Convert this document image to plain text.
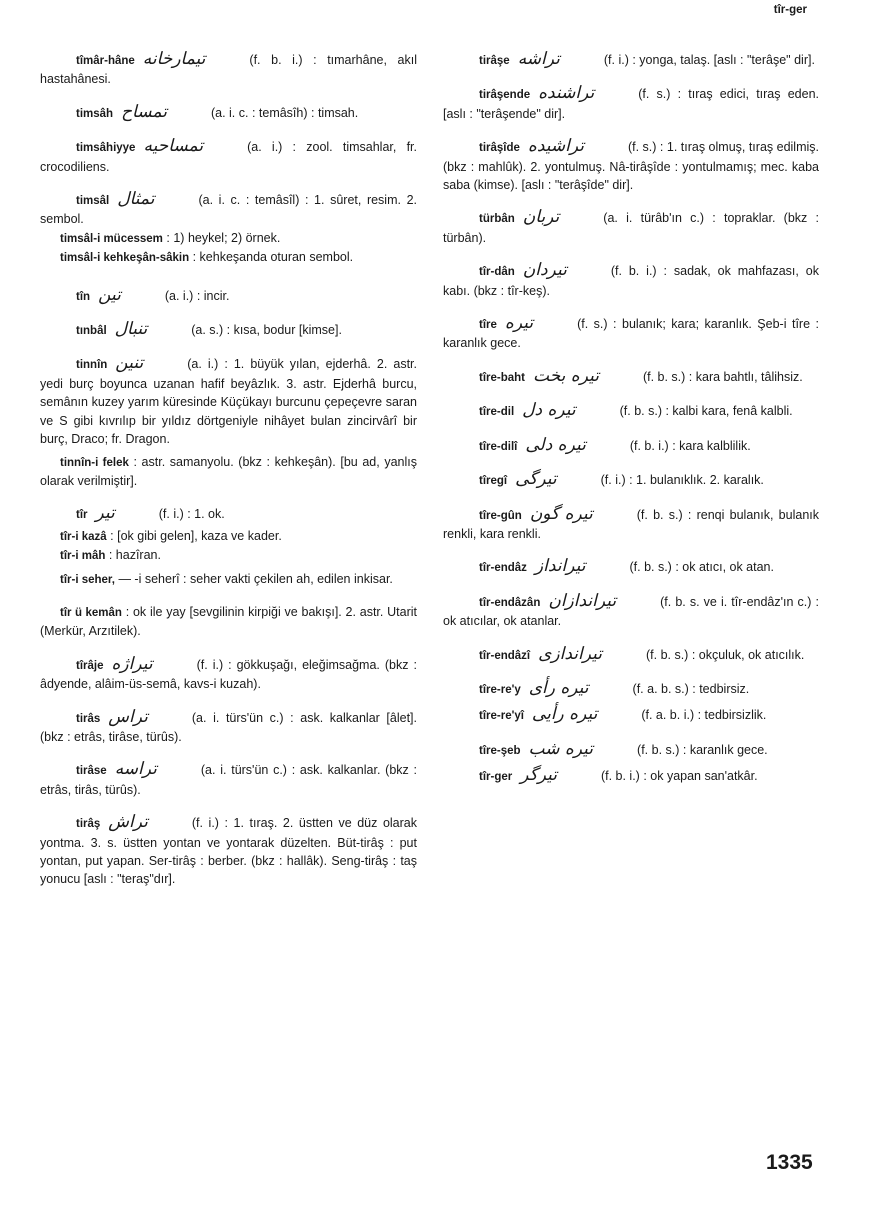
tîr-ger
tîmâr-hâne تيمارخانه	(f. b. i.) : tımarhâne, akıl hastahânesi.
timsâh تمساح	(a. i. c. : temâsîh) : timsah.
timsâhiyye تمساحيه	(a. i.) : zool. timsahlar, fr. crocodiliens.
timsâl تمثال	(a. i. c. : temâsîl) : 1. sûret, resim. 2. sembol.
timsâl-i mücessem : 1) heykel; 2) örnek.
timsâl-i kehkeşân-sâkin : kehkeşanda oturan sembol.
tîn تين	(a. i.) : incir.
tınbâl تنبال	(a. s.) : kısa, bodur [kimse].
tinnîn تنين	(a. i.) : 1. büyük yılan, ejderhâ. 2. astr. yedi burç boyunca uzanan hafif beyâzlık. 3. astr. Ejderhâ burcu, semânın kuzey yarım küresinde Küçükayı burcunu çepeçevre saran ve S gibi kıvrılıp bir yıldız dörtgeniyle nihâyet bulan zincirvârî bir burç, Draco; fr. Dragon.
tinnîn-i felek : astr. samanyolu. (bkz : kehkeşân). [bu ad, yanlış olarak verilmiştir].
tîr تير	(f. i.) : 1. ok.
tîr-i kazâ : [ok gibi gelen], kaza ve kader.
tîr-i mâh : hazîran.
tîr-i seher, — -i seherî : seher vakti çekilen ah, edilen inkisar.
tîr ü kemân : ok ile yay [sevgilinin kirpiği ve bakışı]. 2. astr. Utarit (Merkür, Arzıtilek).
tîrâje تيراژه	(f. i.) : gökkuşağı, eleğimsağma. (bkz : âdyende, alâim-üs-semâ, kavs-i kuzah).
tirâs تراس	(a. i. türs'ün c.) : ask. kalkanlar [âlet]. (bkz : etrâs, tirâse, türûs).
tirâse تراسه	(a. i. türs'ün c.) : ask. kalkanlar. (bkz : etrâs, tirâs, türûs).
tirâş تراش	(f. i.) : 1. tıraş. 2. üstten ve düz olarak yontma. 3. s. üstten yontan ve yontarak düzelten. Büt-tirâş : put yontan, put yapan. Ser-tirâş : berber. (bkz : hallâk). Seng-tirâş : taş yonucu [aslı : "teraş"dır].
tirâşe تراشه	(f. i.) : yonga, talaş. [aslı : "terâşe" dir].
tirâşende تراشنده	(f. s.) : tıraş edici, tıraş eden. [aslı : "terâşende" dir].
tirâşîde تراشيده	(f. s.) : 1. tıraş olmuş, tıraş edilmiş. (bkz : mahlûk). 2. yontulmuş. Nâ-tirâşîde : yontulmamış; mec. kaba saba (kimse). [aslı : "terâşîde" dir].
türbân تربان	(a. i. türâb'ın c.) : topraklar. (bkz : türbân).
tîr-dân تيردان	(f. b. i.) : sadak, ok mahfazası, ok kabı. (bkz : tîr-keş).
tîre تيره	(f. s.) : bulanık; kara; karanlık. Şeb-i tîre : karanlık gece.
tîre-baht تيره بخت	(f. b. s.) : kara bahtlı, tâlihsiz.
tîre-dil تيره دل	(f. b. s.) : kalbi kara, fenâ kalbli.
tîre-dilî تيره دلى	(f. b. i.) : kara kalblilik.
tîregî تيرگى	(f. i.) : 1. bulanıklık. 2. karalık.
tîre-gûn تيره گون	(f. b. s.) : renqi bulanık, bulanık renkli, kara renkli.
tîr-endâz تيرانداز	(f. b. s.) : ok atıcı, ok atan.
tîr-endâzân تيراندازان	(f. b. s. ve i. tîr-endâz'ın c.) : ok atıcılar, ok atanlar.
tîr-endâzî تيراندازى	(f. b. s.) : okçuluk, ok atıcılık.
tîre-re'y تيره رأى	(f. a. b. s.) : tedbirsiz.
tîre-re'yî تيره رأيى	(f. a. b. i.) : tedbirsizlik.
tîre-şeb تيره شب	(f. b. s.) : karanlık gece.
tîr-ger تيرگر	(f. b. i.) : ok yapan san'atkâr.
1335
